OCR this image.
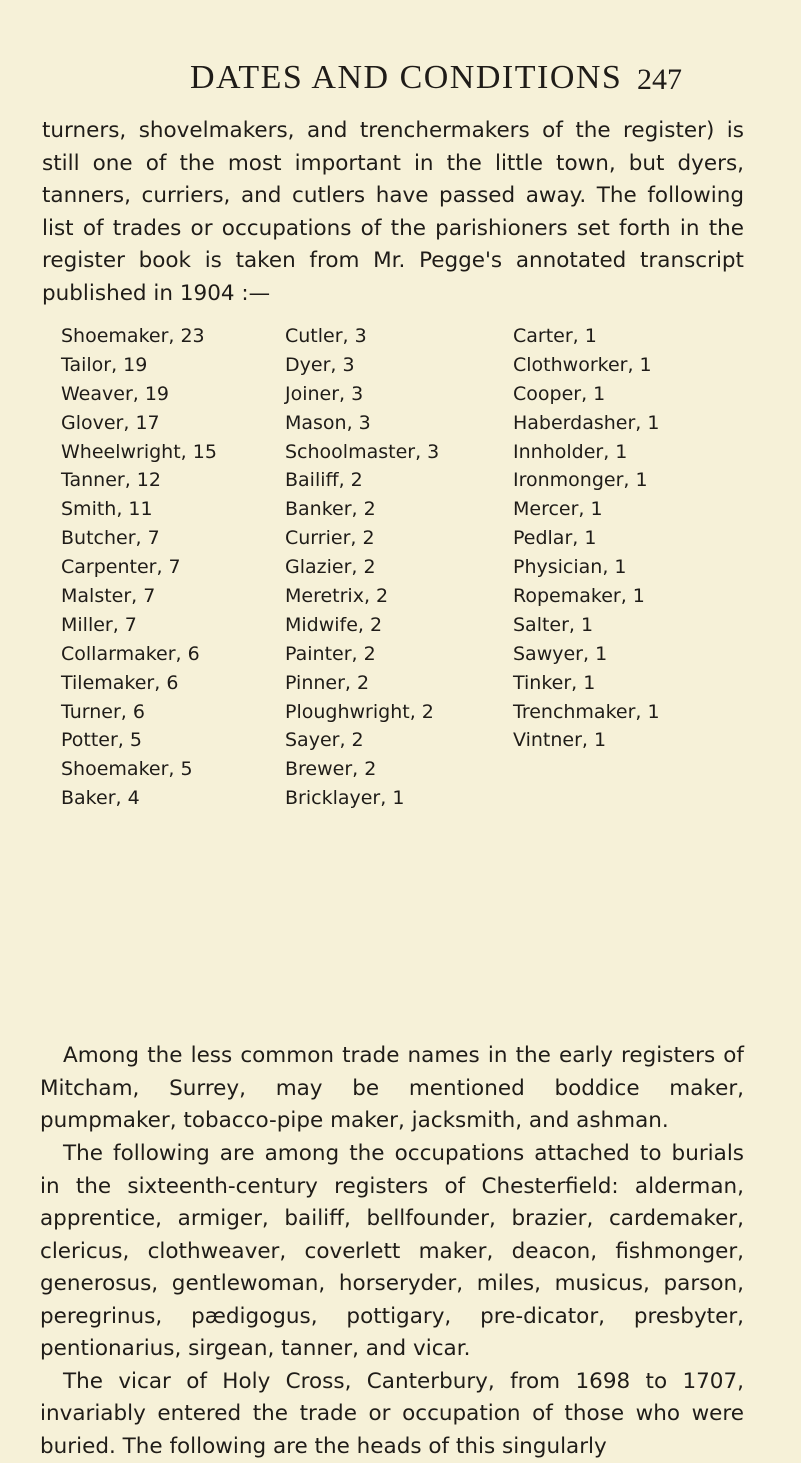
DATES AND CONDITIONS 247

turners, shovelmakers, and trenchermakers of the register) is still one of the most important in the little town, but dyers, tanners, curriers, and cutlers have passed away. The following list of trades or occupations of the parishioners set forth in the register book is taken from Mr. Pegge's annotated transcript published in 1904 :—

Shoemaker, 23
Tailor, 19
Weaver, 19
Glover, 17
Wheelwright, 15
Tanner, 12
Smith, 11
Butcher, 7
Carpenter, 7
Malster, 7
Miller, 7
Collarmaker, 6
Tilemaker, 6
Turner, 6
Potter, 5
Shoemaker, 5
Baker, 4
Cutler, 3
Dyer, 3
Joiner, 3
Mason, 3
Schoolmaster, 3
Bailiff, 2
Banker, 2
Currier, 2
Glazier, 2
Meretrix, 2
Midwife, 2
Painter, 2
Pinner, 2
Ploughwright, 2
Sayer, 2
Brewer, 2
Bricklayer, 1
Carter, 1
Clothworker, 1
Cooper, 1
Haberdasher, 1
Innholder, 1
Ironmonger, 1
Mercer, 1
Pedlar, 1
Physician, 1
Ropemaker, 1
Salter, 1
Sawyer, 1
Tinker, 1
Trenchmaker, 1
Vintner, 1

Among the less common trade names in the early registers of Mitcham, Surrey, may be mentioned boddice maker, pumpmaker, tobacco-pipe maker, jacksmith, and ashman.

The following are among the occupations attached to burials in the sixteenth-century registers of Chesterfield: alderman, apprentice, armiger, bailiff, bellfounder, brazier, cardemaker, clericus, clothweaver, coverlett maker, deacon, fishmonger, generosus, gentlewoman, horseryder, miles, musicus, parson, peregrinus, pædigogus, pottigary, pre-dicator, presbyter, pentionarius, sirgean, tanner, and vicar.
The vicar of Holy Cross, Canterbury, from 1698 to 1707, invariably entered the trade or occupation of those who were buried. The following are the heads of this singularly
